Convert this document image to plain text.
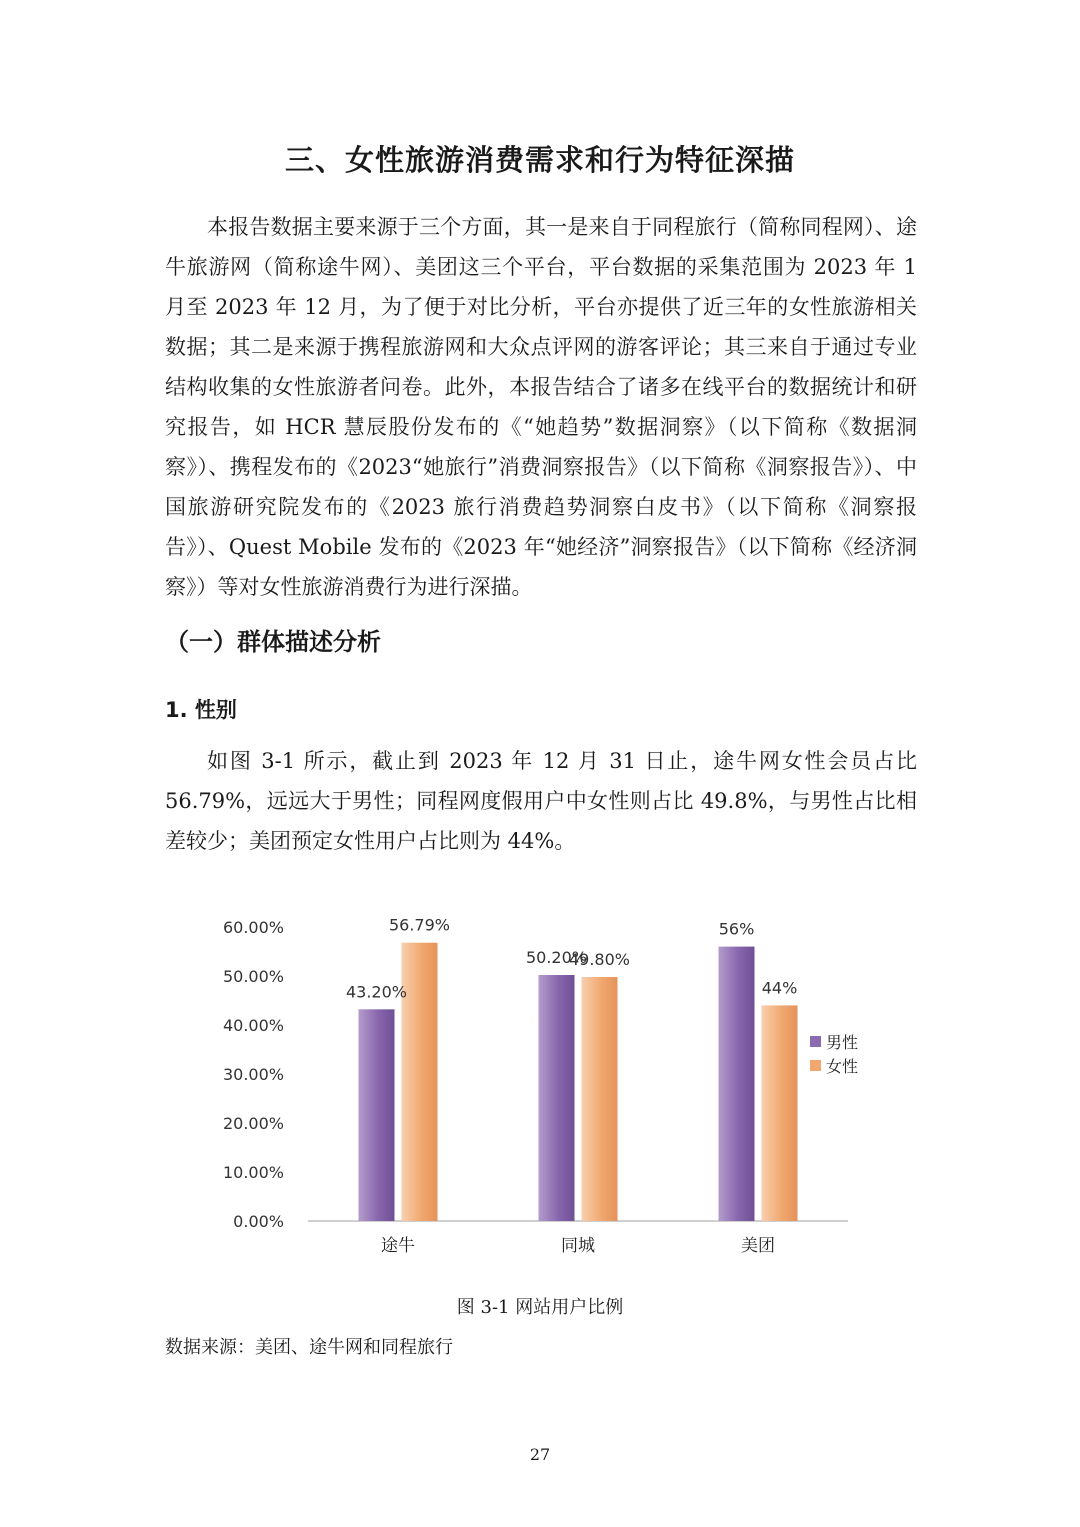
三、女性旅游消费需求和行为特征深描

本报告数据主要来源于三个方面，其一是来自于同程旅行（简称同程网）、途牛旅游网（简称途牛网）、美团这三个平台，平台数据的采集范围为 2023 年 1 月至 2023 年 12 月，为了便于对比分析，平台亦提供了近三年的女性旅游相关数据；其二是来源于携程旅游网和大众点评网的游客评论；其三来自于通过专业结构收集的女性旅游者问卷。此外，本报告结合了诸多在线平台的数据统计和研究报告，如 HCR 慧辰股份发布的《“她趋势”数据洞察》（以下简称《数据洞察》）、携程发布的《2023“她旅行”消费洞察报告》（以下简称《洞察报告》）、中国旅游研究院发布的《2023 旅行消费趋势洞察白皮书》（以下简称《洞察报告》）、Quest Mobile 发布的《2023 年“她经济”洞察报告》（以下简称《经济洞察》）等对女性旅游消费行为进行深描。

（一）群体描述分析
1. 性别

如图 3-1 所示，截止到 2023 年 12 月 31 日止，途牛网女性会员占比 56.79%，远远大于男性；同程网度假用户中女性则占比 49.8%，与男性占比相差较少；美团预定女性用户占比则为 44%。

0.00%
10.00%
20.00%
30.00%
40.00%
50.00%
60.00%
43.20%
56.79%
50.20%
49.80%
56%
44%
途牛	同城	美团
男性
女性

图 3-1 网站用户比例

数据来源：美团、途牛网和同程旅行

27
